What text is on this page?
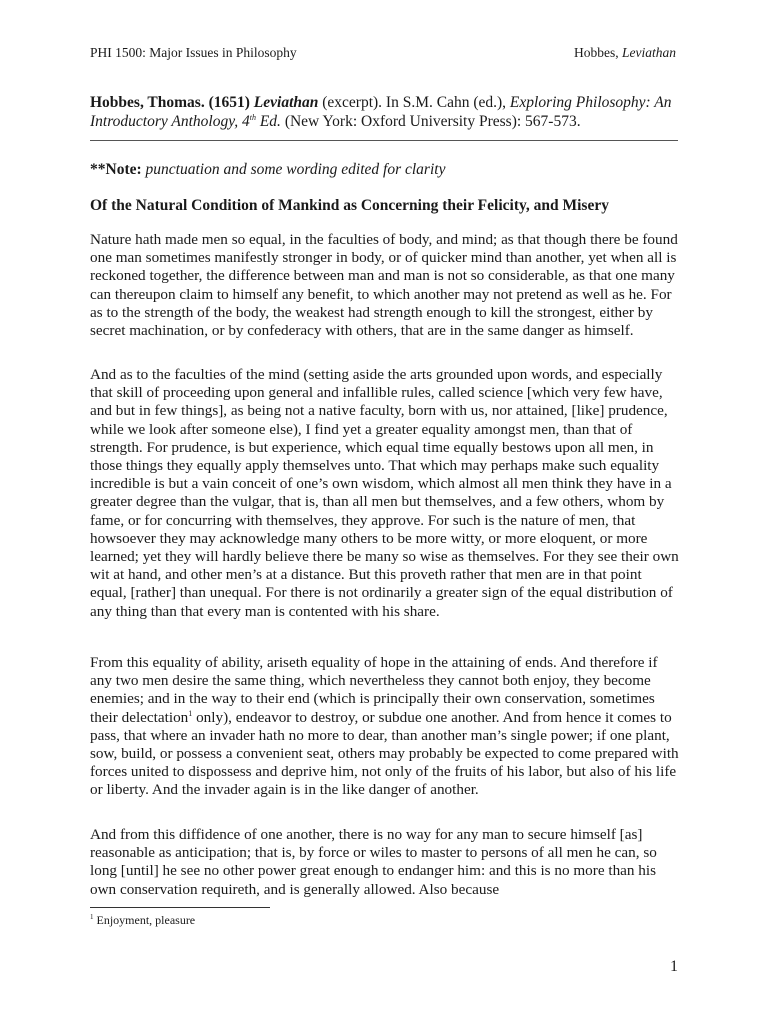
PHI 1500: Major Issues in Philosophy	Hobbes, Leviathan
Hobbes, Thomas. (1651) Leviathan (excerpt). In S.M. Cahn (ed.), Exploring Philosophy: An Introductory Anthology, 4th Ed. (New York: Oxford University Press): 567-573.
**Note: punctuation and some wording edited for clarity
Of the Natural Condition of Mankind as Concerning their Felicity, and Misery

Nature hath made men so equal, in the faculties of body, and mind; as that though there be found one man sometimes manifestly stronger in body, or of quicker mind than another, yet when all is reckoned together, the difference between man and man is not so considerable, as that one many can thereupon claim to himself any benefit, to which another may not pretend as well as he. For as to the strength of the body, the weakest had strength enough to kill the strongest, either by secret machination, or by confederacy with others, that are in the same danger as himself.

And as to the faculties of the mind (setting aside the arts grounded upon words, and especially that skill of proceeding upon general and infallible rules, called science [which very few have, and but in few things], as being not a native faculty, born with us, nor attained, [like] prudence, while we look after someone else), I find yet a greater equality amongst men, than that of strength. For prudence, is but experience, which equal time equally bestows upon all men, in those things they equally apply themselves unto. That which may perhaps make such equality incredible is but a vain conceit of one’s own wisdom, which almost all men think they have in a greater degree than the vulgar, that is, than all men but themselves, and a few others, whom by fame, or for concurring with themselves, they approve. For such is the nature of men, that howsoever they may acknowledge many others to be more witty, or more eloquent, or more learned; yet they will hardly believe there be many so wise as themselves. For they see their own wit at hand, and other men’s at a distance. But this proveth rather that men are in that point equal, [rather] than unequal. For there is not ordinarily a greater sign of the equal distribution of any thing than that every man is contented with his share.

From this equality of ability, ariseth equality of hope in the attaining of ends. And therefore if any two men desire the same thing, which nevertheless they cannot both enjoy, they become enemies; and in the way to their end (which is principally their own conservation, sometimes their delectation$^1$ only), endeavor to destroy, or subdue one another. And from hence it comes to pass, that where an invader hath no more to dear, than another man’s single power; if one plant, sow, build, or possess a convenient seat, others may probably be expected to come prepared with forces united to dispossess and deprive him, not only of the fruits of his labor, but also of his life or liberty. And the invader again is in the like danger of another.

And from this diffidence of one another, there is no way for any man to secure himself [as] reasonable as anticipation; that is, by force or wiles to master to persons of all men he can, so long [until] he see no other power great enough to endanger him: and this is no more than his own conservation requireth, and is generally allowed. Also because

$^1$ Enjoyment, pleasure
1
